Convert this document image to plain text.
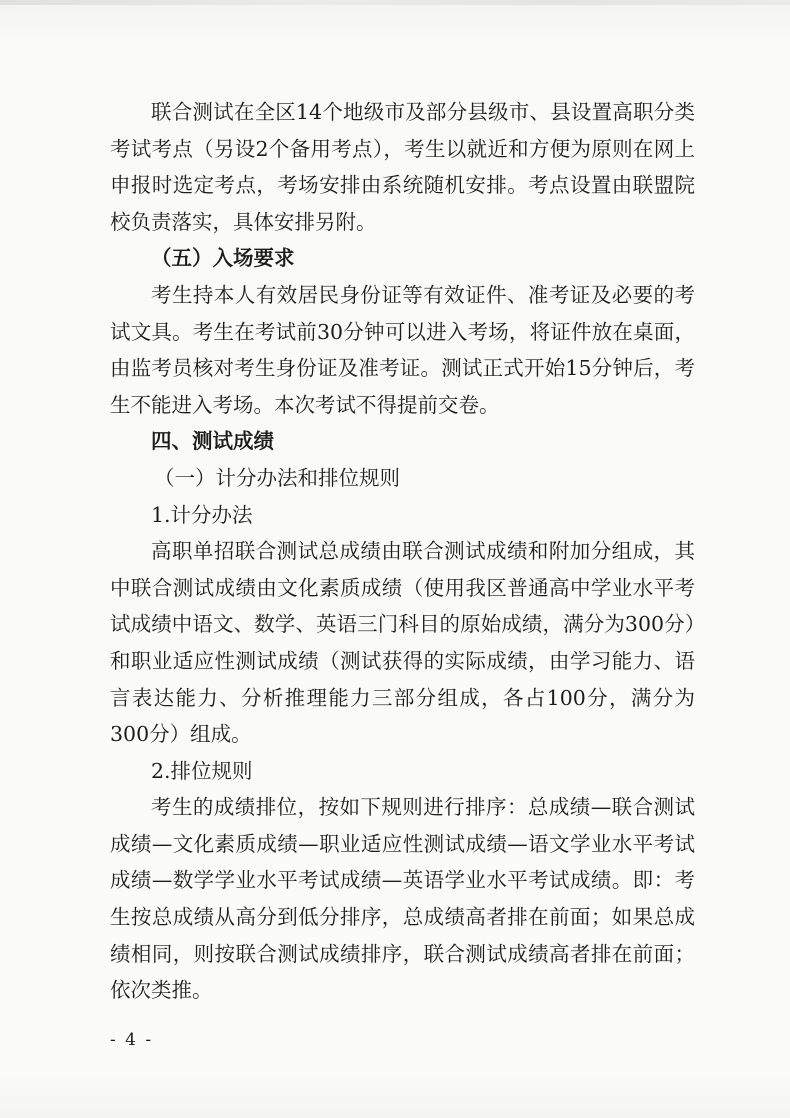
联合测试在全区14个地级市及部分县级市、县设置高职分类考试考点（另设2个备用考点），考生以就近和方便为原则在网上申报时选定考点，考场安排由系统随机安排。考点设置由联盟院校负责落实，具体安排另附。

（五）入场要求

考生持本人有效居民身份证等有效证件、准考证及必要的考试文具。考生在考试前30分钟可以进入考场，将证件放在桌面，由监考员核对考生身份证及准考证。测试正式开始15分钟后，考生不能进入考场。本次考试不得提前交卷。

四、测试成绩

（一）计分办法和排位规则

1.计分办法

高职单招联合测试总成绩由联合测试成绩和附加分组成，其中联合测试成绩由文化素质成绩（使用我区普通高中学业水平考试成绩中语文、数学、英语三门科目的原始成绩，满分为300分）和职业适应性测试成绩（测试获得的实际成绩，由学习能力、语言表达能力、分析推理能力三部分组成，各占100分，满分为300分）组成。

2.排位规则

考生的成绩排位，按如下规则进行排序：总成绩—联合测试成绩—文化素质成绩—职业适应性测试成绩—语文学业水平考试成绩—数学学业水平考试成绩—英语学业水平考试成绩。即：考生按总成绩从高分到低分排序，总成绩高者排在前面；如果总成绩相同，则按联合测试成绩排序，联合测试成绩高者排在前面；依次类推。

- 4 -
